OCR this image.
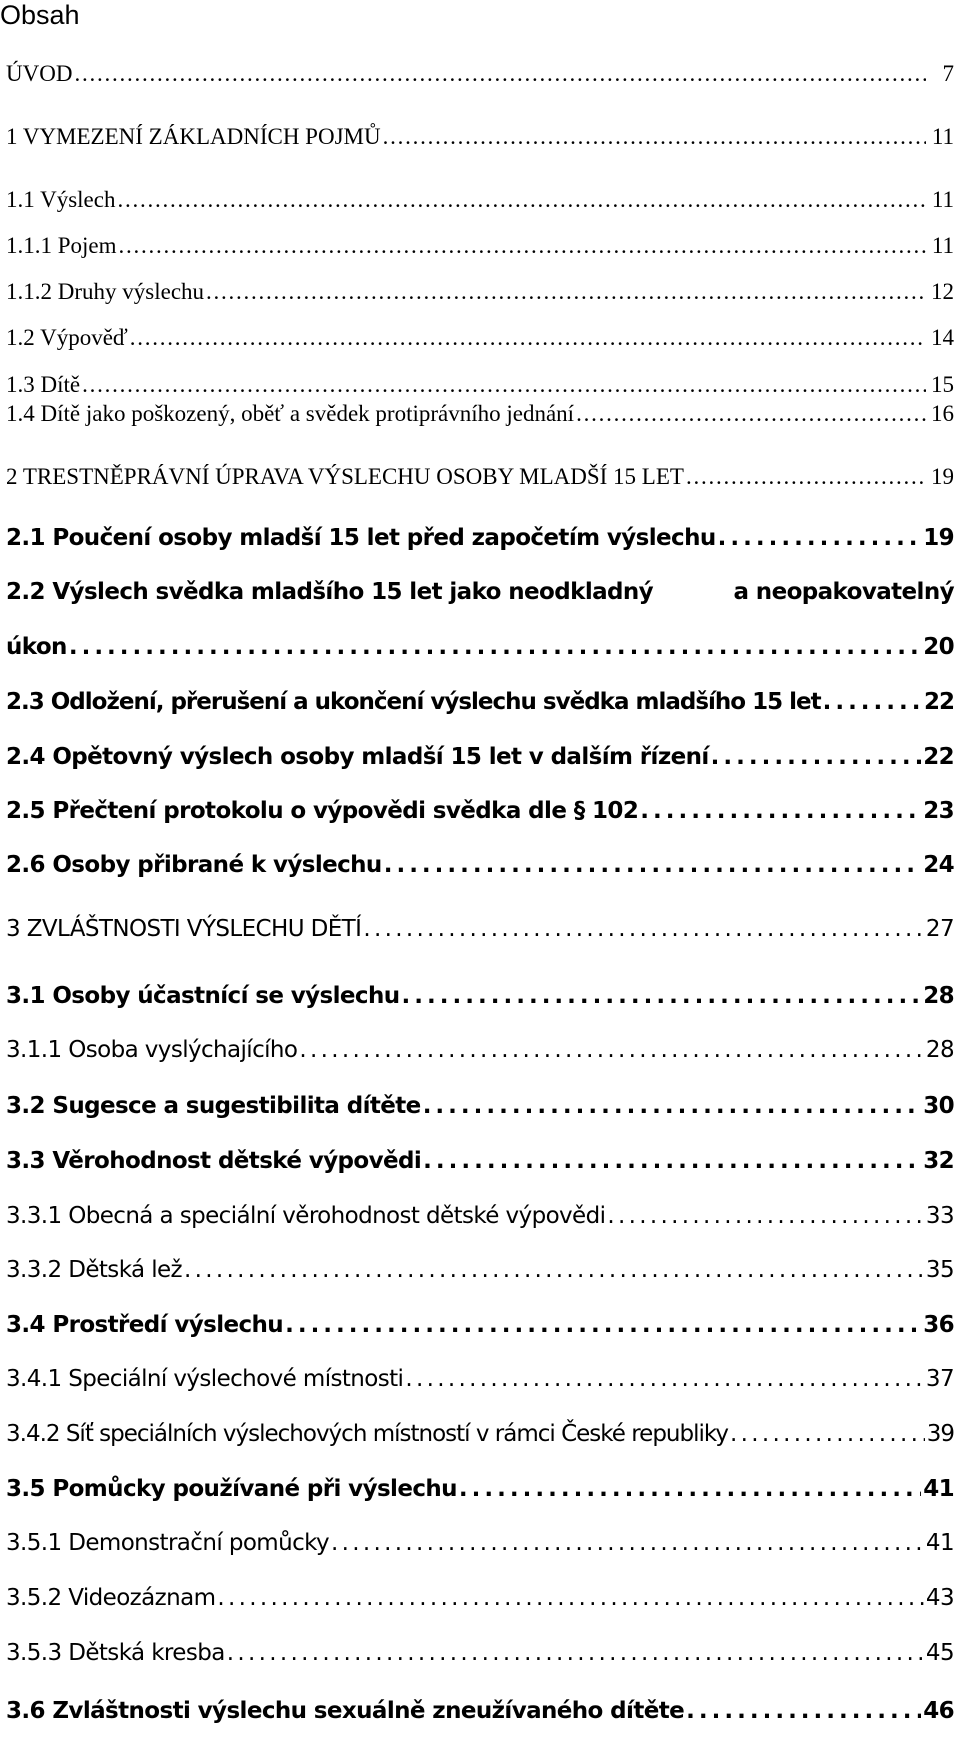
Obsah
ÚVOD . . .	7
1 VYMEZENÍ ZÁKLADNÍCH POJMŮ . . .	11
1.1 Výslech . . .	11
1.1.1 Pojem . . .	11
1.1.2 Druhy výslechu . . .	12
1.2 Výpověď . . .	14
1.3 Dítě . . .	15
1.4 Dítě jako poškozený, oběť a svědek protiprávního jednání . . .	16
2 TRESTNĚPRÁVNÍ ÚPRAVA VÝSLECHU OSOBY MLADŠÍ 15 LET . . .	19
2.1 Poučení osoby mladší 15 let před započetím výslechu . . .	19
2.2 Výslech svědka mladšího 15 let jako neodkladný	a neopakovatelný
úkon . . .	20
2.3 Odložení, přerušení a ukončení výslechu svědka mladšího 15 let . . .	22
2.4 Opětovný výslech osoby mladší 15 let v dalším řízení . . .	22
2.5 Přečtení protokolu o výpovědi svědka dle § 102 . . .	23
2.6 Osoby přibrané k výslechu . . .	24
3 ZVLÁŠTNOSTI VÝSLECHU DĚTÍ . . .	27
3.1 Osoby účastnící se výslechu . . .	28
3.1.1 Osoba vyslýchajícího . . .	28
3.2 Sugesce a sugestibilita dítěte . . .	30
3.3 Věrohodnost dětské výpovědi . . .	32
3.3.1 Obecná a speciální věrohodnost dětské výpovědi . . .	33
3.3.2 Dětská lež . . .	35
3.4 Prostředí výslechu . . .	36
3.4.1 Speciální výslechové místnosti . . .	37
3.4.2 Síť speciálních výslechových místností v rámci České republiky . . .	39
3.5 Pomůcky používané při výslechu . . .	41
3.5.1 Demonstrační pomůcky . . .	41
3.5.2 Videozáznam . . .	43
3.5.3 Dětská kresba . . .	45
3.6 Zvláštnosti výslechu sexuálně zneužívaného dítěte . . .	46
